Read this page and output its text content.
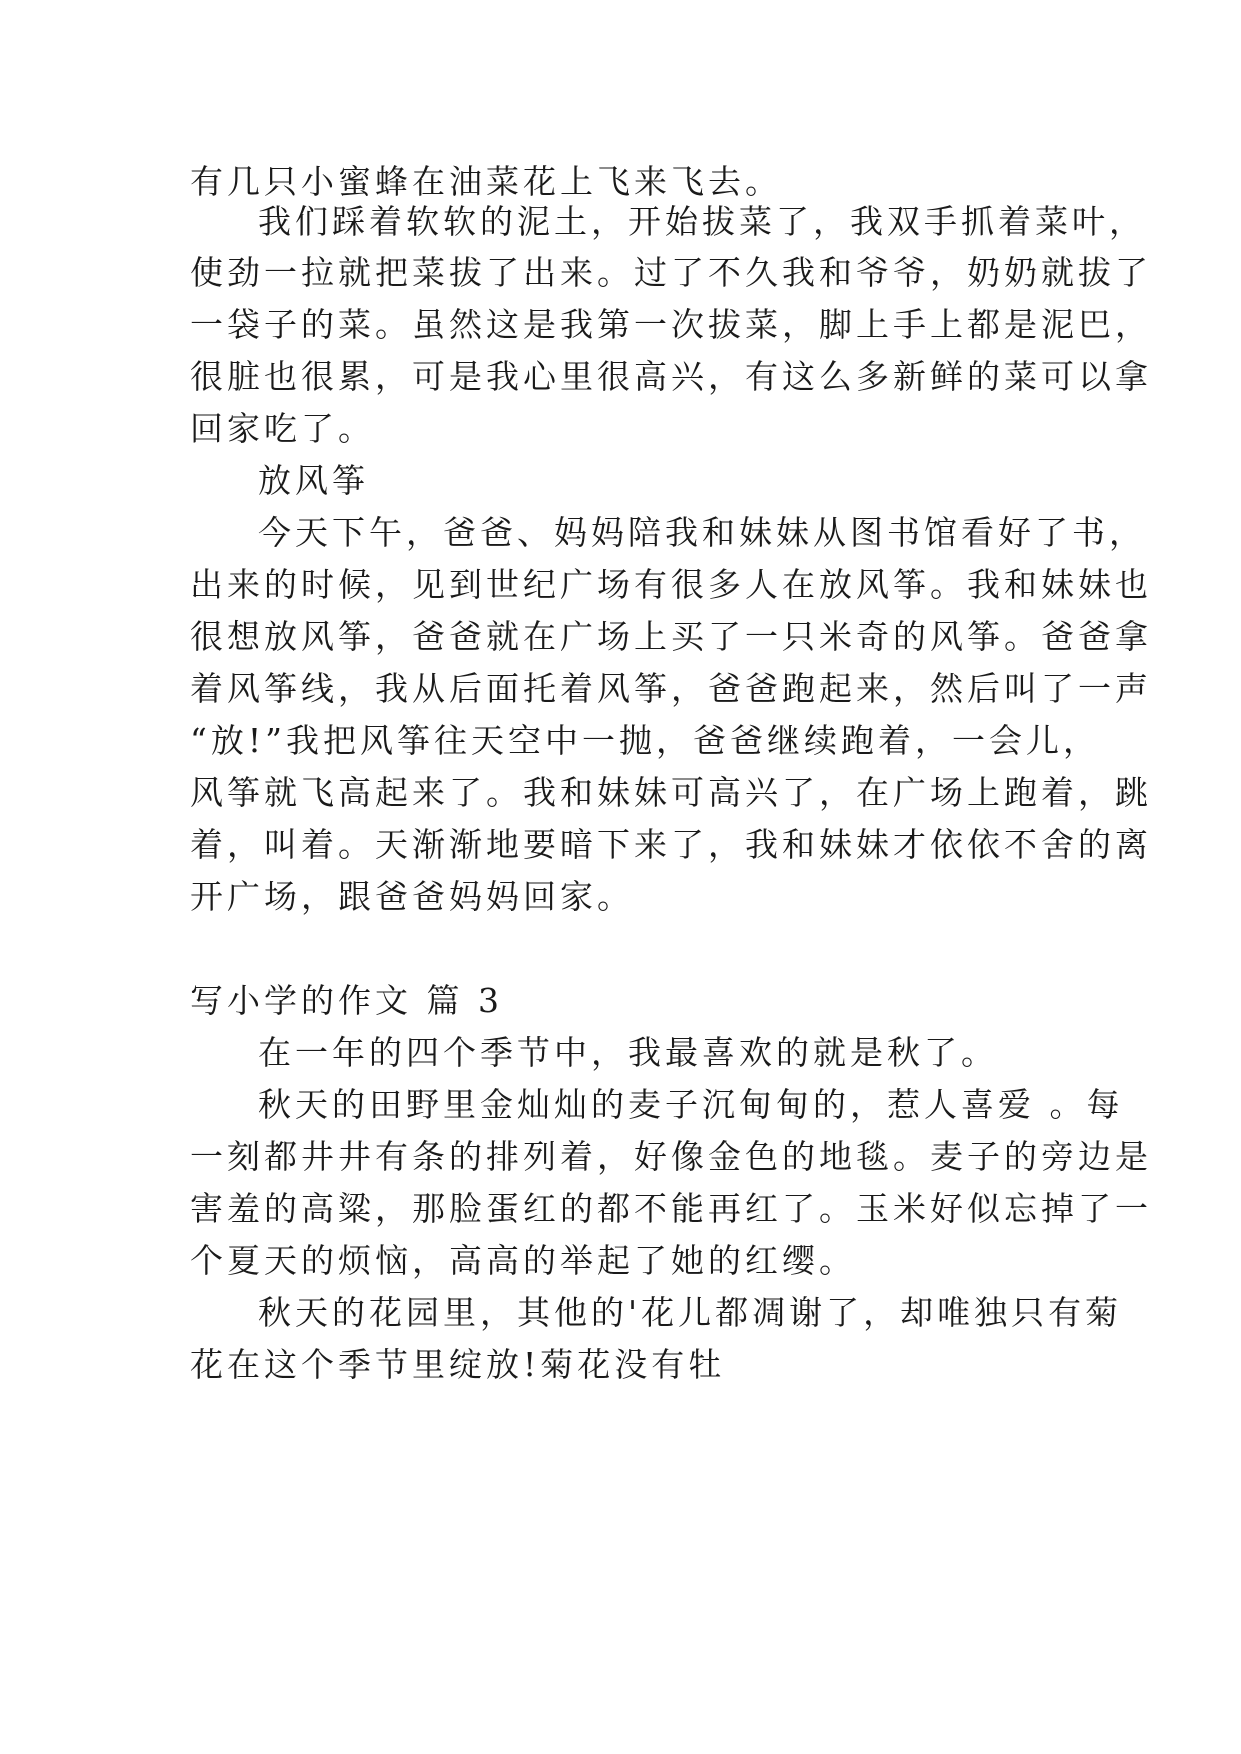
有几只小蜜蜂在油菜花上飞来飞去。
我们踩着软软的泥土，开始拔菜了，我双手抓着菜叶，
使劲一拉就把菜拔了出来。过了不久我和爷爷，奶奶就拔了
一袋子的菜。虽然这是我第一次拔菜，脚上手上都是泥巴，
很脏也很累，可是我心里很高兴，有这么多新鲜的菜可以拿
回家吃了。
放风筝
今天下午，爸爸、妈妈陪我和妹妹从图书馆看好了书，
出来的时候，见到世纪广场有很多人在放风筝。我和妹妹也
很想放风筝，爸爸就在广场上买了一只米奇的风筝。爸爸拿
着风筝线，我从后面托着风筝，爸爸跑起来，然后叫了一声
“放!”我把风筝往天空中一抛，爸爸继续跑着，一会儿，
风筝就飞高起来了。我和妹妹可高兴了，在广场上跑着，跳
着，叫着。天渐渐地要暗下来了，我和妹妹才依依不舍的离
开广场，跟爸爸妈妈回家。
写小学的作文 篇 3
在一年的四个季节中，我最喜欢的就是秋了。
秋天的田野里金灿灿的麦子沉甸甸的，惹人喜爱 。每
一刻都井井有条的排列着，好像金色的地毯。麦子的旁边是
害羞的高粱，那脸蛋红的都不能再红了。玉米好似忘掉了一
个夏天的烦恼，高高的举起了她的红缨。
秋天的花园里，其他的'花儿都凋谢了，却唯独只有菊
花在这个季节里绽放!菊花没有牡
